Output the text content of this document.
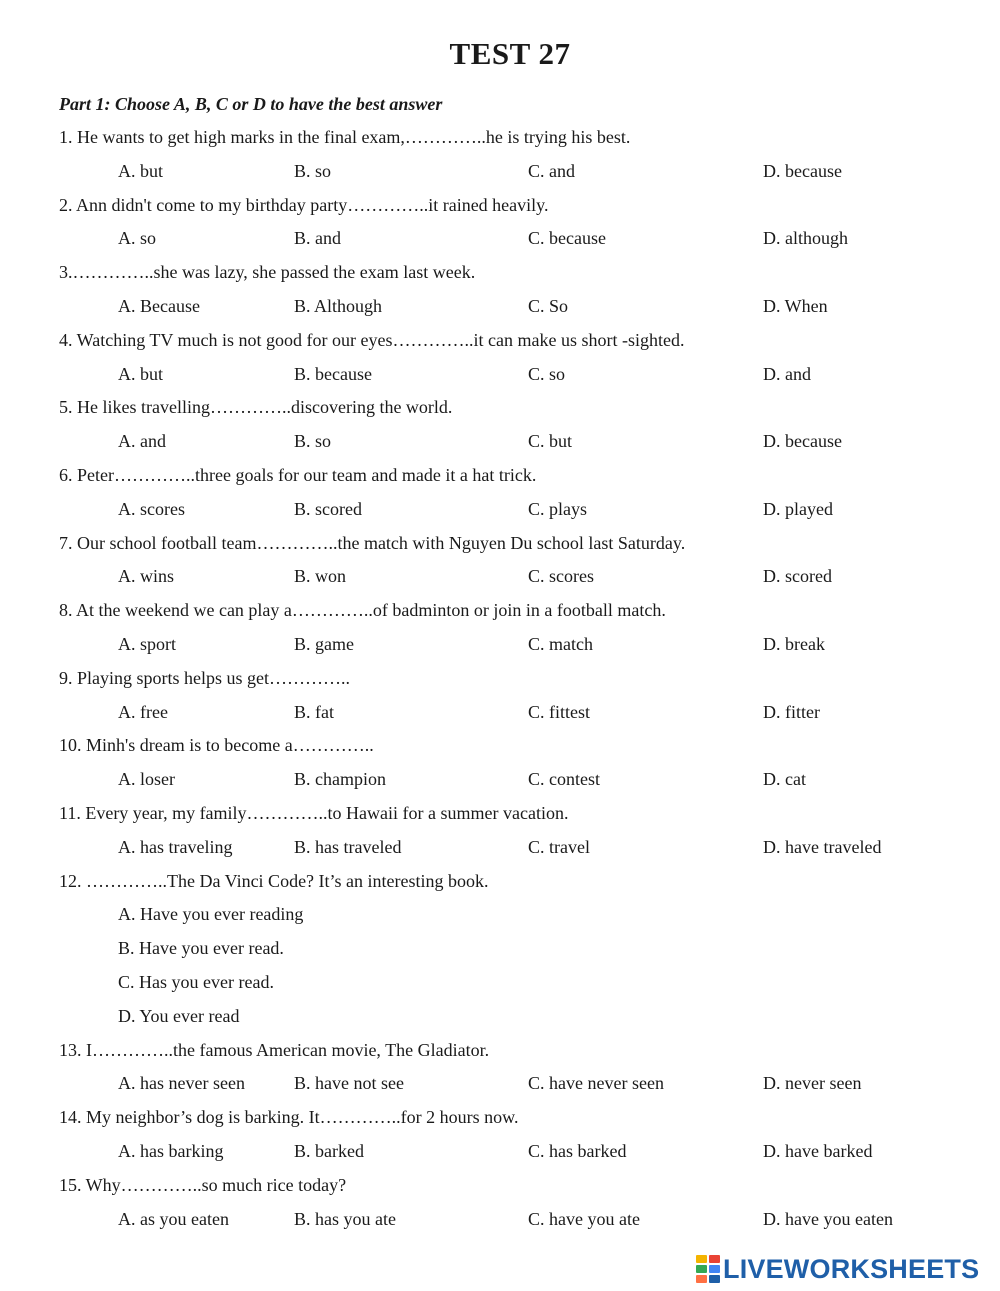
TEST 27
Part 1: Choose A, B, C or D to have the best answer
1. He wants to get high marks in the final exam,…………..he is trying his best.
A. but	B. so	C. and	D. because
2. Ann didn't come to my birthday party…………..it rained heavily.
A. so	B. and	C. because	D. although
3.…………..she was lazy, she passed the exam last week.
A. Because	B. Although	C. So	D. When
4. Watching TV much is not good for our eyes…………..it can make us short -sighted.
A. but	B. because	C. so	D. and
5. He likes travelling…………..discovering the world.
A. and	B. so	C. but	D. because
6. Peter…………..three goals for our team and made it a hat trick.
A. scores	B. scored	C. plays	D. played
7. Our school football team…………..the match with Nguyen Du school last Saturday.
A. wins	B. won	C. scores	D. scored
8. At the weekend we can play a…………..of badminton or join in a football match.
A. sport	B. game	C. match	D. break
9. Playing sports helps us get…………..
A. free	B. fat	C. fittest	D. fitter
10. Minh's dream is to become a…………..
A. loser	B. champion	C. contest	D. cat
11. Every year, my family…………..to Hawaii for a summer vacation.
A. has traveling	B. has traveled	C. travel	D. have traveled
12. …………..The Da Vinci Code? It’s an interesting book.
A. Have you ever reading
B. Have you ever read.
C. Has you ever read.
D. You ever read
13. I…………..the famous American movie, The Gladiator.
A. has never seen	B. have not see	C. have never seen	D. never seen
14. My neighbor’s dog is barking. It…………..for 2 hours now.
A. has barking	B. barked	C. has barked	D. have barked
15. Why…………..so much rice today?
A. as you eaten	B. has you ate	C. have you ate	D. have you eaten
LIVEWORKSHEETS
